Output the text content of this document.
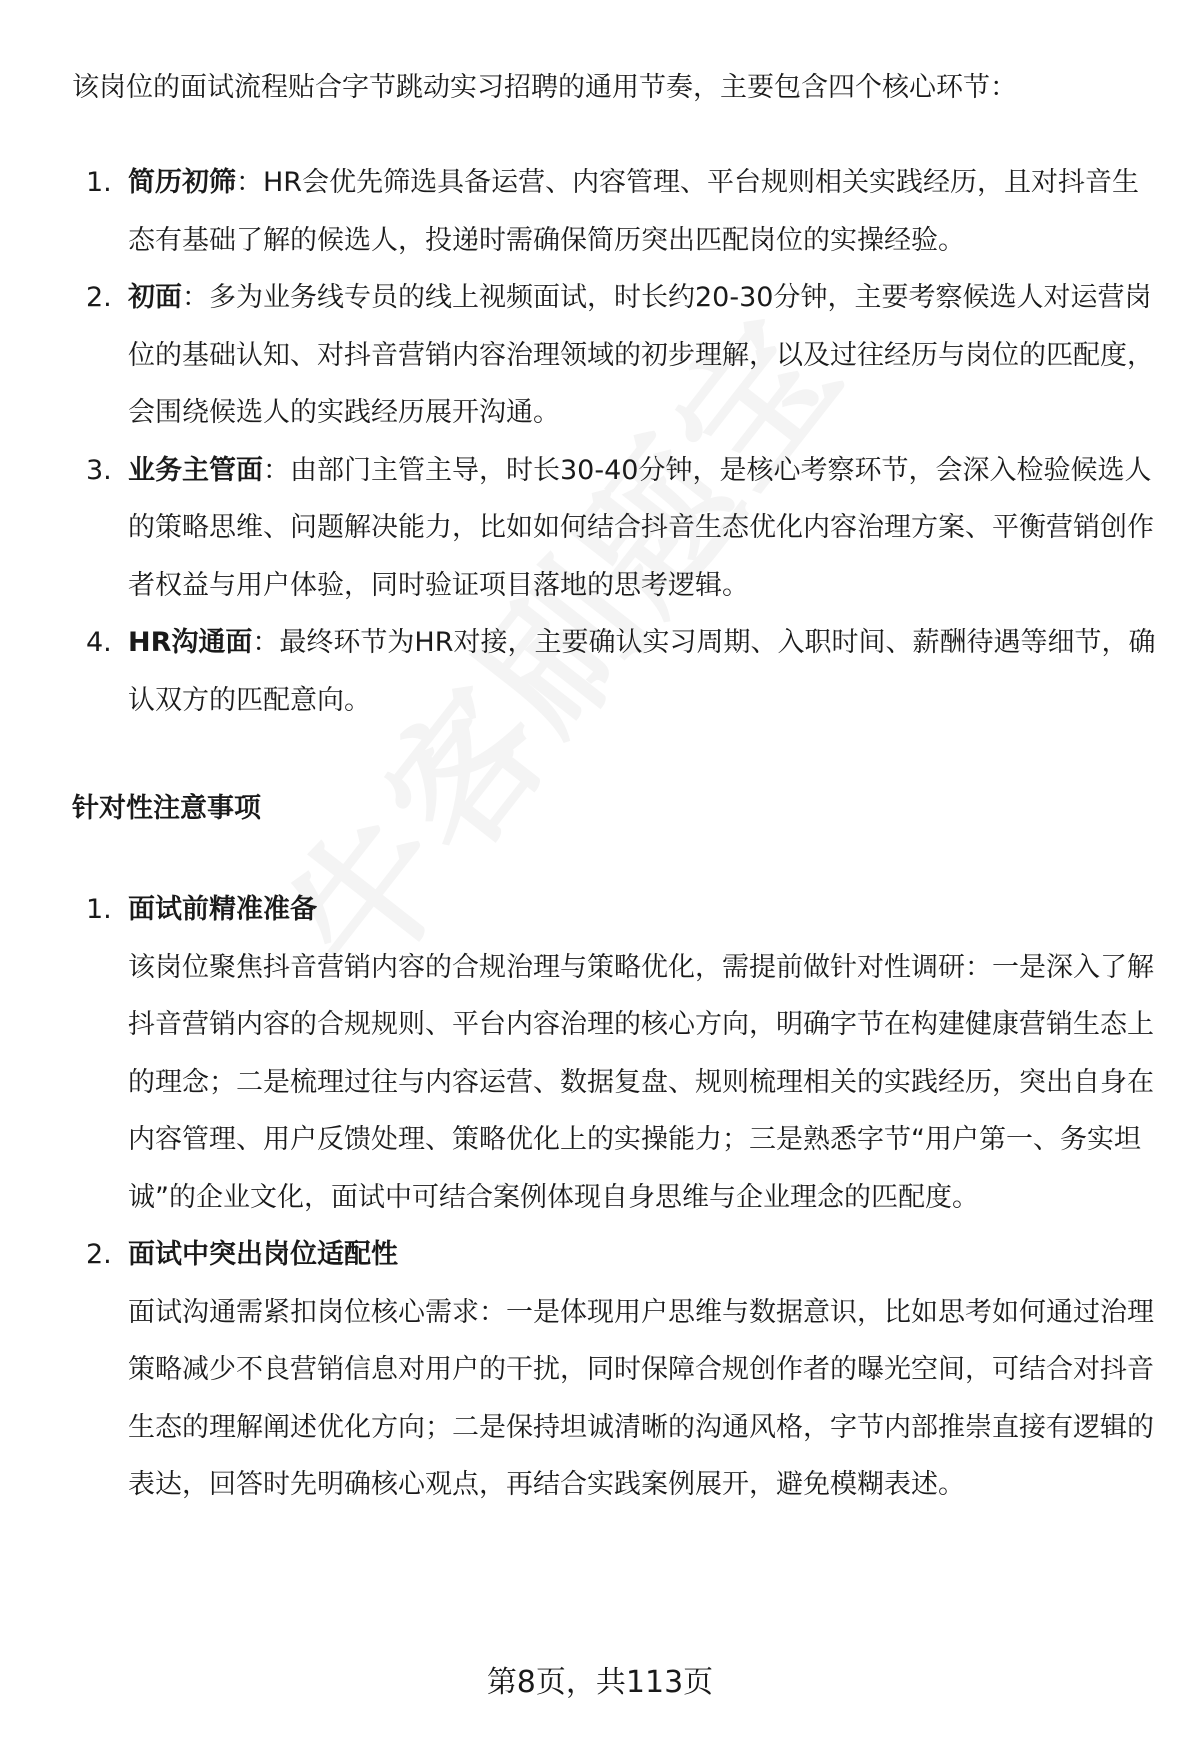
该岗位的面试流程贴合字节跳动实习招聘的通用节奏，主要包含四个核心环节：

1. 简历初筛：HR会优先筛选具备运营、内容管理、平台规则相关实践经历，且对抖音生态有基础了解的候选人，投递时需确保简历突出匹配岗位的实操经验。
2. 初面：多为业务线专员的线上视频面试，时长约20-30分钟，主要考察候选人对运营岗位的基础认知、对抖音营销内容治理领域的初步理解，以及过往经历与岗位的匹配度，会围绕候选人的实践经历展开沟通。
3. 业务主管面：由部门主管主导，时长30-40分钟，是核心考察环节，会深入检验候选人的策略思维、问题解决能力，比如如何结合抖音生态优化内容治理方案、平衡营销创作者权益与用户体验，同时验证项目落地的思考逻辑。
4. HR沟通面：最终环节为HR对接，主要确认实习周期、入职时间、薪酬待遇等细节，确认双方的匹配意向。
针对性注意事项
1. 面试前精准准备
该岗位聚焦抖音营销内容的合规治理与策略优化，需提前做针对性调研：一是深入了解抖音营销内容的合规规则、平台内容治理的核心方向，明确字节在构建健康营销生态上的理念；二是梳理过往与内容运营、数据复盘、规则梳理相关的实践经历，突出自身在内容管理、用户反馈处理、策略优化上的实操能力；三是熟悉字节“用户第一、务实坦诚”的企业文化，面试中可结合案例体现自身思维与企业理念的匹配度。
2. 面试中突出岗位适配性
面试沟通需紧扣岗位核心需求：一是体现用户思维与数据意识，比如思考如何通过治理策略减少不良营销信息对用户的干扰，同时保障合规创作者的曝光空间，可结合对抖音生态的理解阐述优化方向；二是保持坦诚清晰的沟通风格，字节内部推崇直接有逻辑的表达，回答时先明确核心观点，再结合实践案例展开，避免模糊表述。
第8页，共113页
